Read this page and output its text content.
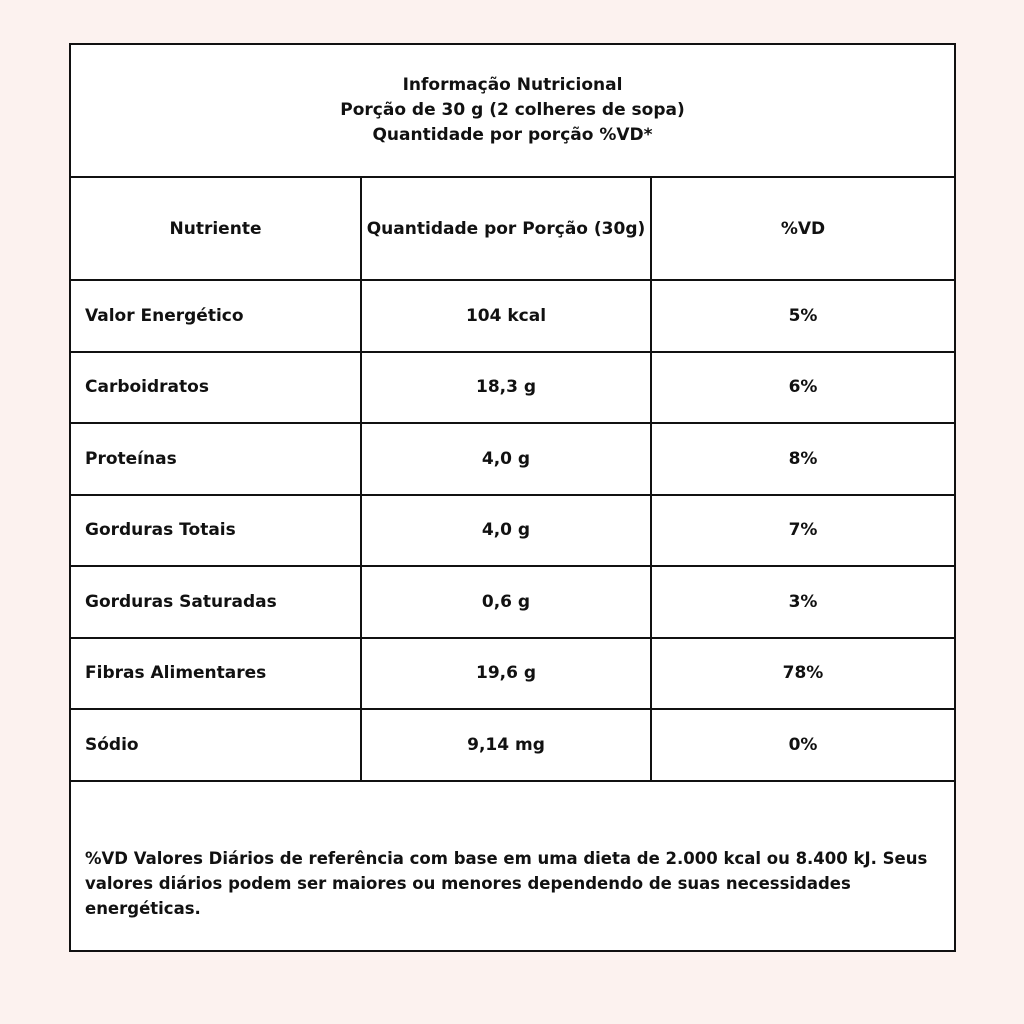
Informação Nutricional
Porção de 30 g (2 colheres de sopa)
Quantidade por porção %VD*
Nutriente	Quantidade por Porção (30g)	%VD
Valor Energético	104 kcal	5%
Carboidratos	18,3 g	6%
Proteínas	4,0 g	8%
Gorduras Totais	4,0 g	7%
Gorduras Saturadas	0,6 g	3%
Fibras Alimentares	19,6 g	78%
Sódio	9,14 mg	0%
%VD Valores Diários de referência com base em uma dieta de 2.000 kcal ou 8.400 kJ. Seus valores diários podem ser maiores ou menores dependendo de suas necessidades energéticas.
